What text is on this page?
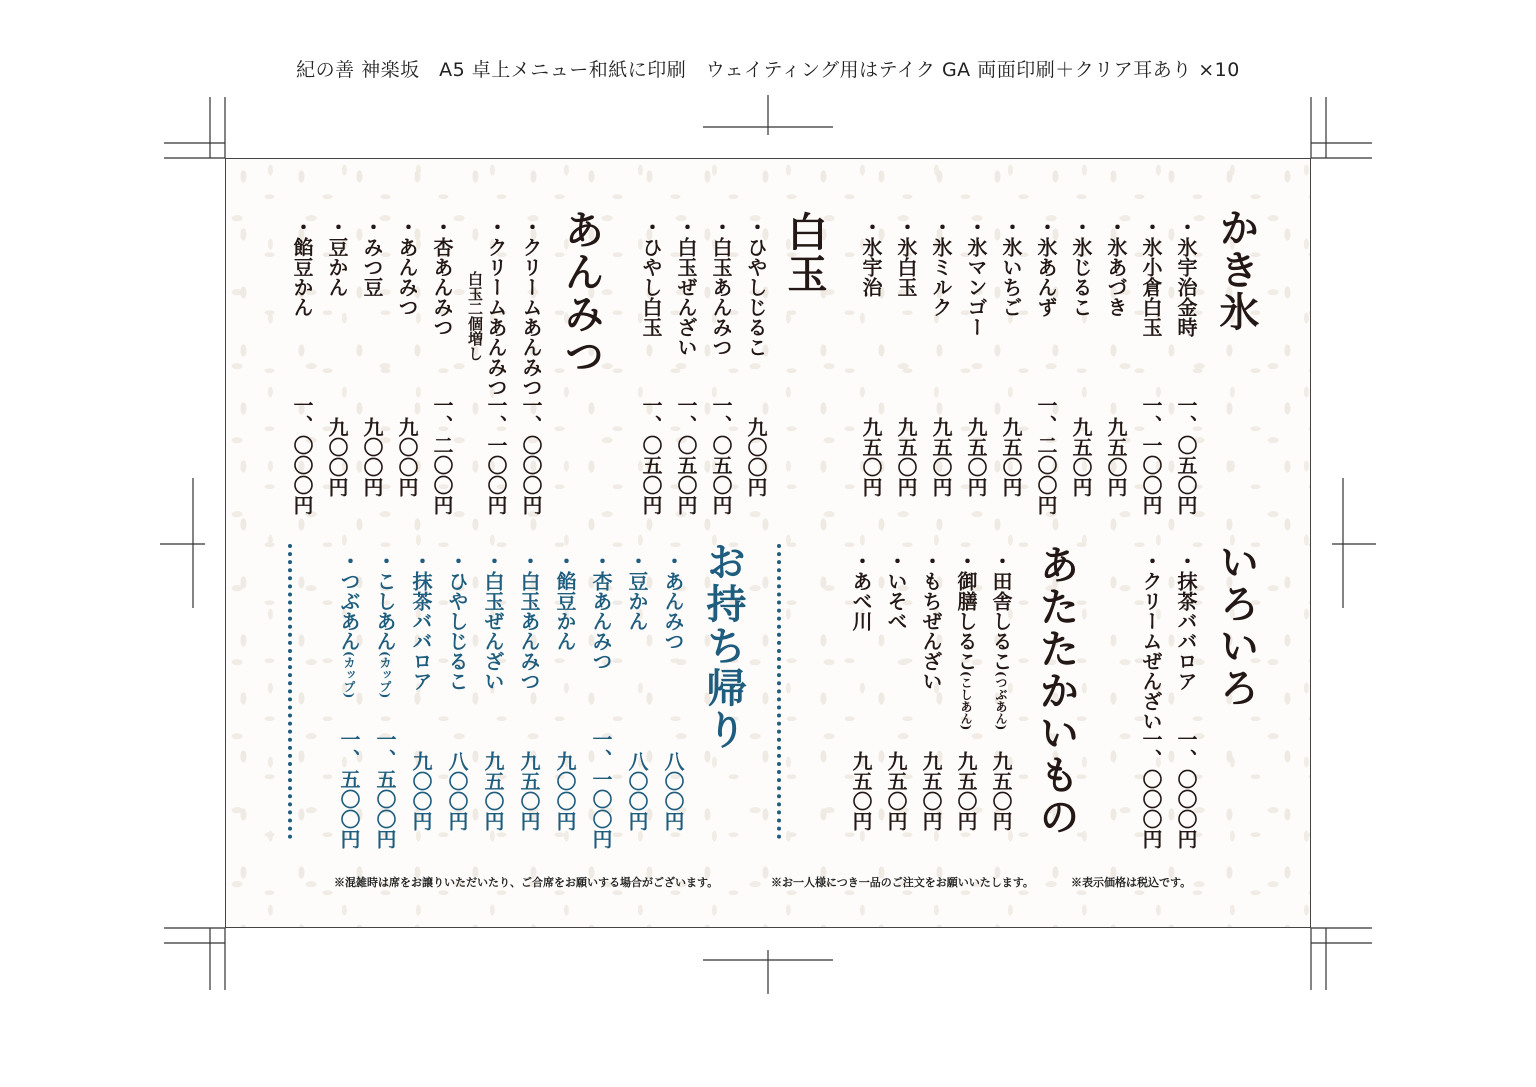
紀の善 神楽坂　A5 卓上メニュー和紙に印刷　ウェイティング用はテイク GA 両面印刷＋クリア耳あり ×10
かき氷
・氷宇治金時
一、〇五〇円
・氷小倉白玉
一、一〇〇円
・氷あづき
九五〇円
・氷じるこ
九五〇円
・氷あんず
一、二〇〇円
・氷いちご
九五〇円
・氷マンゴー
九五〇円
・氷ミルク
九五〇円
・氷白玉
九五〇円
・氷宇治
九五〇円
白玉
・ひやしじるこ
九〇〇円
・白玉あんみつ
一、〇五〇円
・白玉ぜんざい
一、〇五〇円
・ひやし白玉
一、〇五〇円
あんみつ
・クリームあんみつ
一、〇〇〇円
・クリームあんみつ
白玉二個増し
一、一〇〇円
・杏あんみつ
一、二〇〇円
・あんみつ
九〇〇円
・みつ豆
九〇〇円
・豆かん
九〇〇円
・餡豆かん
一、〇〇〇円
いろいろ
・抹茶ババロア
一、〇〇〇円
・クリームぜんざい
一、〇〇〇円
あたたかいもの
・田舎しるこ(つぶあん)
九五〇円
・御膳しるこ(こしあん)
九五〇円
・もちぜんざい
九五〇円
・いそべ
九五〇円
・あべ川
九五〇円
お持ち帰り
・あんみつ
八〇〇円
・豆かん
八〇〇円
・杏あんみつ
一、一〇〇円
・餡豆かん
九〇〇円
・白玉あんみつ
九五〇円
・白玉ぜんざい
九五〇円
・ひやしじるこ
八〇〇円
・抹茶ババロア
九〇〇円
・こしあん(カップ)
一、五〇〇円
・つぶあん(カップ)
一、五〇〇円
※混雑時は席をお譲りいただいたり、ご合席をお願いする場合がございます。	※お一人様につき一品のご注文をお願いいたします。	※表示価格は税込です。
